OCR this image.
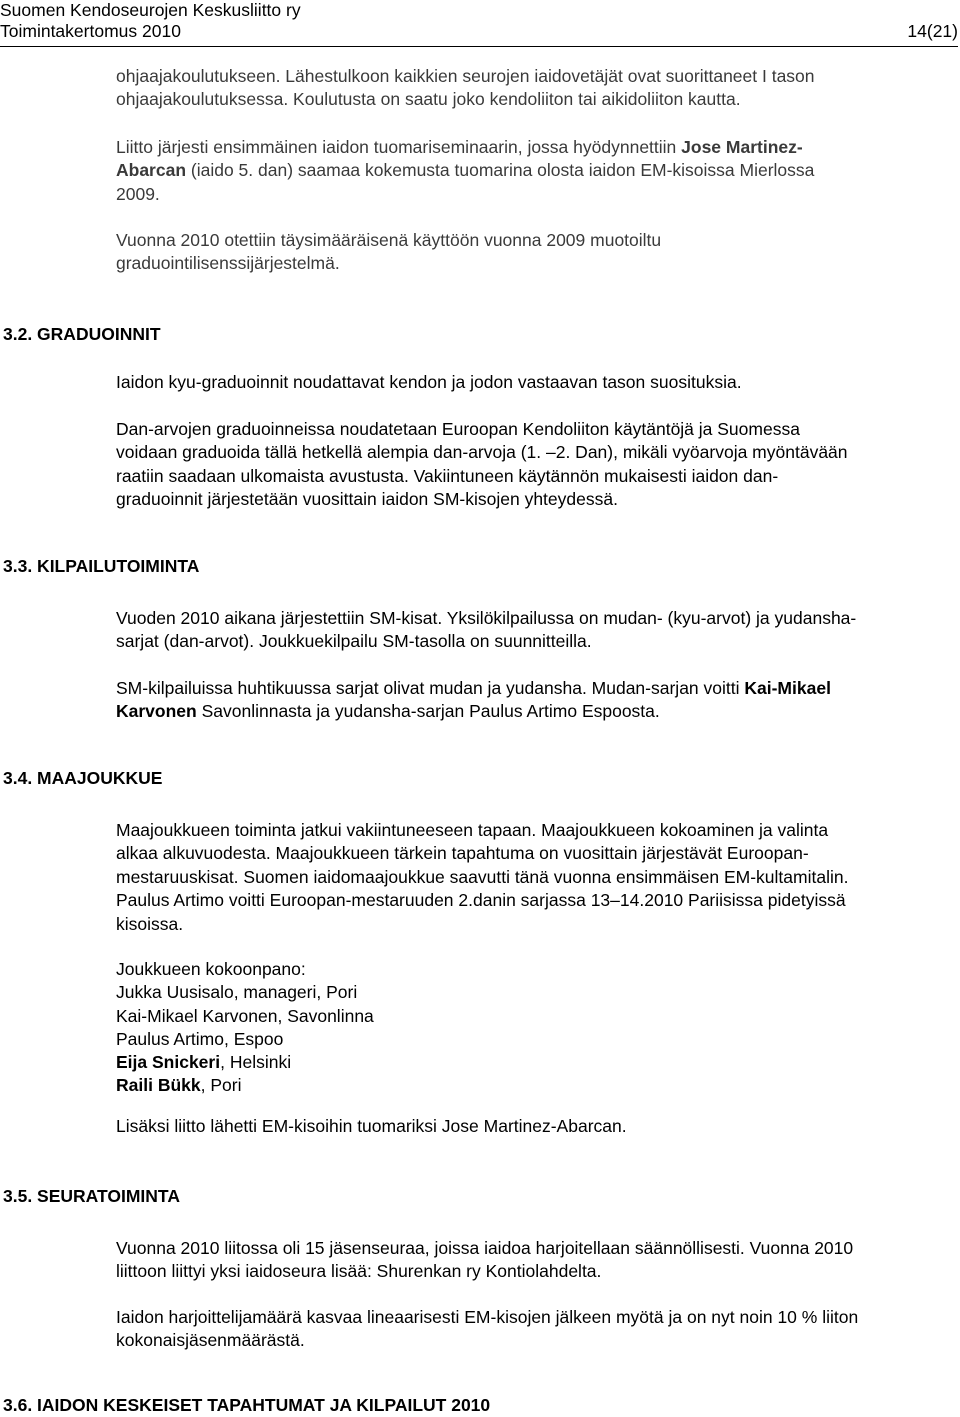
Suomen Kendoseurojen Keskusliitto ry
Toimintakertomus 2010	14(21)
ohjaajakoulutukseen. Lähestulkoon kaikkien seurojen iaidovetäjät ovat suorittaneet I tason
ohjaajakoulutuksessa. Koulutusta on saatu joko kendoliiton tai aikidoliiton kautta.
Liitto järjesti ensimmäinen iaidon tuomariseminaarin, jossa hyödynnettiin Jose Martinez-
Abarcan (iaido 5. dan) saamaa kokemusta tuomarina olosta iaidon EM-kisoissa Mierlossa
2009.
Vuonna 2010 otettiin täysimääräisenä käyttöön vuonna 2009 muotoiltu
graduointilisenssijärjestelmä.
3.2. GRADUOINNIT
Iaidon kyu-graduoinnit noudattavat kendon ja jodon vastaavan tason suosituksia.
Dan-arvojen graduoinneissa noudatetaan Euroopan Kendoliiton käytäntöjä ja Suomessa
voidaan graduoida tällä hetkellä alempia dan-arvoja (1. –2. Dan), mikäli vyöarvoja myöntävään
raatiin saadaan ulkomaista avustusta. Vakiintuneen käytännön mukaisesti iaidon dan-
graduoinnit järjestetään vuosittain iaidon SM-kisojen yhteydessä.
3.3. KILPAILUTOIMINTA
Vuoden 2010 aikana järjestettiin SM-kisat. Yksilökilpailussa on mudan- (kyu-arvot) ja yudansha-
sarjat (dan-arvot). Joukkuekilpailu SM-tasolla on suunnitteilla.
SM-kilpailuissa huhtikuussa sarjat olivat mudan ja yudansha. Mudan-sarjan voitti Kai-Mikael
Karvonen Savonlinnasta ja yudansha-sarjan Paulus Artimo Espoosta.
3.4. MAAJOUKKUE
Maajoukkueen toiminta jatkui vakiintuneeseen tapaan. Maajoukkueen kokoaminen ja valinta
alkaa alkuvuodesta. Maajoukkueen tärkein tapahtuma on vuosittain järjestävät Euroopan-
mestaruuskisat. Suomen iaidomaajoukkue saavutti tänä vuonna ensimmäisen EM-kultamitalin.
Paulus Artimo voitti Euroopan-mestaruuden 2.danin sarjassa 13–14.2010 Pariisissa pidetyissä
kisoissa.
Joukkueen kokoonpano:
Jukka Uusisalo, manageri, Pori
Kai-Mikael Karvonen, Savonlinna
Paulus Artimo, Espoo
Eija Snickeri, Helsinki
Raili Bükk, Pori
Lisäksi liitto lähetti EM-kisoihin tuomariksi Jose Martinez-Abarcan.
3.5. SEURATOIMINTA
Vuonna 2010 liitossa oli 15 jäsenseuraa, joissa iaidoa harjoitellaan säännöllisesti. Vuonna 2010
liittoon liittyi yksi iaidoseura lisää: Shurenkan ry Kontiolahdelta.
Iaidon harjoittelijamäärä kasvaa lineaarisesti EM-kisojen jälkeen myötä ja on nyt noin 10 % liiton
kokonaisjäsenmäärästä.
3.6. IAIDON KESKEISET TAPAHTUMAT JA KILPAILUT 2010
